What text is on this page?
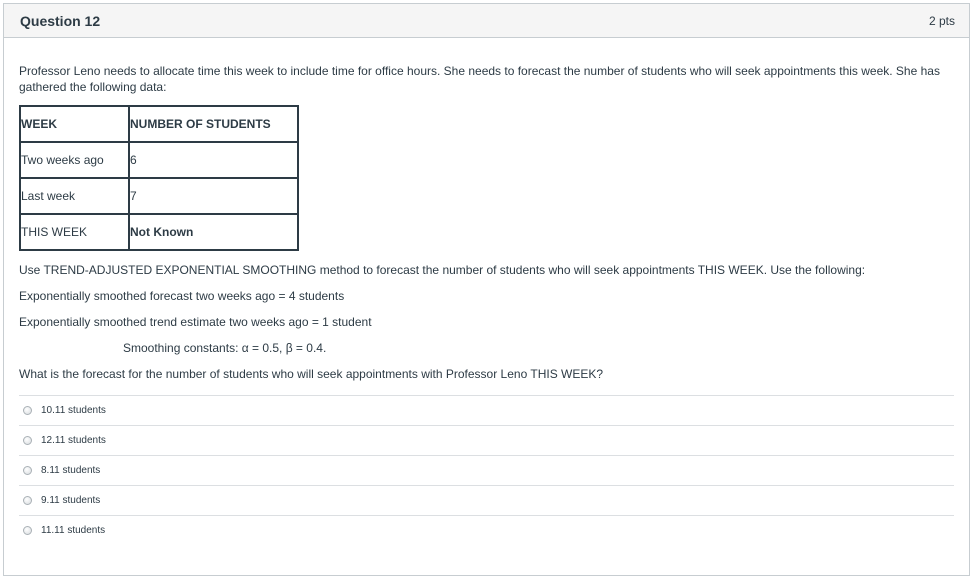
Question 12	2 pts

Professor Leno needs to allocate time this week to include time for office hours. She needs to forecast the number of students who will seek appointments this week. She has gathered the following data:

WEEK	NUMBER OF STUDENTS
Two weeks ago	6
Last week	7
THIS WEEK	Not Known

Use TREND-ADJUSTED EXPONENTIAL SMOOTHING method to forecast the number of students who will seek appointments THIS WEEK. Use the following:

Exponentially smoothed forecast two weeks ago = 4 students

Exponentially smoothed trend estimate two weeks ago = 1 student

Smoothing constants: α = 0.5, β = 0.4.

What is the forecast for the number of students who will seek appointments with Professor Leno THIS WEEK?

10.11 students
12.11 students
8.11 students
9.11 students
11.11 students
